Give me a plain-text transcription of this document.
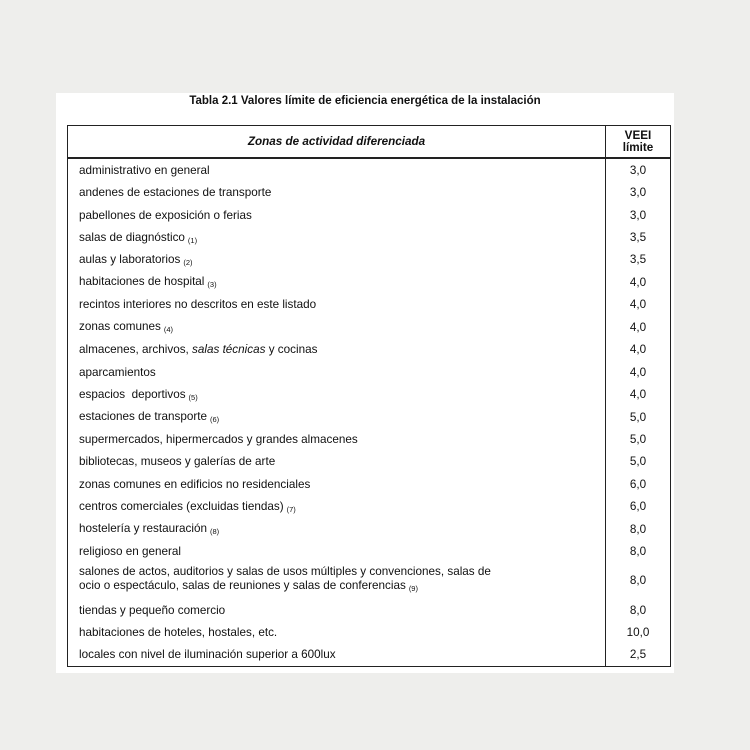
Tabla 2.1 Valores límite de eficiencia energética de la instalación
Zonas de actividad diferenciada	VEEI
límite
administrativo en general	3,0
andenes de estaciones de transporte	3,0
pabellones de exposición o ferias	3,0
salas de diagnóstico (1)	3,5
aulas y laboratorios (2)	3,5
habitaciones de hospital (3)	4,0
recintos interiores no descritos en este listado	4,0
zonas comunes (4)	4,0
almacenes, archivos, salas técnicas y cocinas	4,0
aparcamientos	4,0
espacios  deportivos (5)	4,0
estaciones de transporte (6)	5,0
supermercados, hipermercados y grandes almacenes	5,0
bibliotecas, museos y galerías de arte	5,0
zonas comunes en edificios no residenciales	6,0
centros comerciales (excluidas tiendas) (7)	6,0
hostelería y restauración (8)	8,0
religioso en general	8,0
salones de actos, auditorios y salas de usos múltiples y convenciones, salas de
ocio o espectáculo, salas de reuniones y salas de conferencias (9)	8,0
tiendas y pequeño comercio	8,0
habitaciones de hoteles, hostales, etc.	10,0
locales con nivel de iluminación superior a 600lux	2,5
